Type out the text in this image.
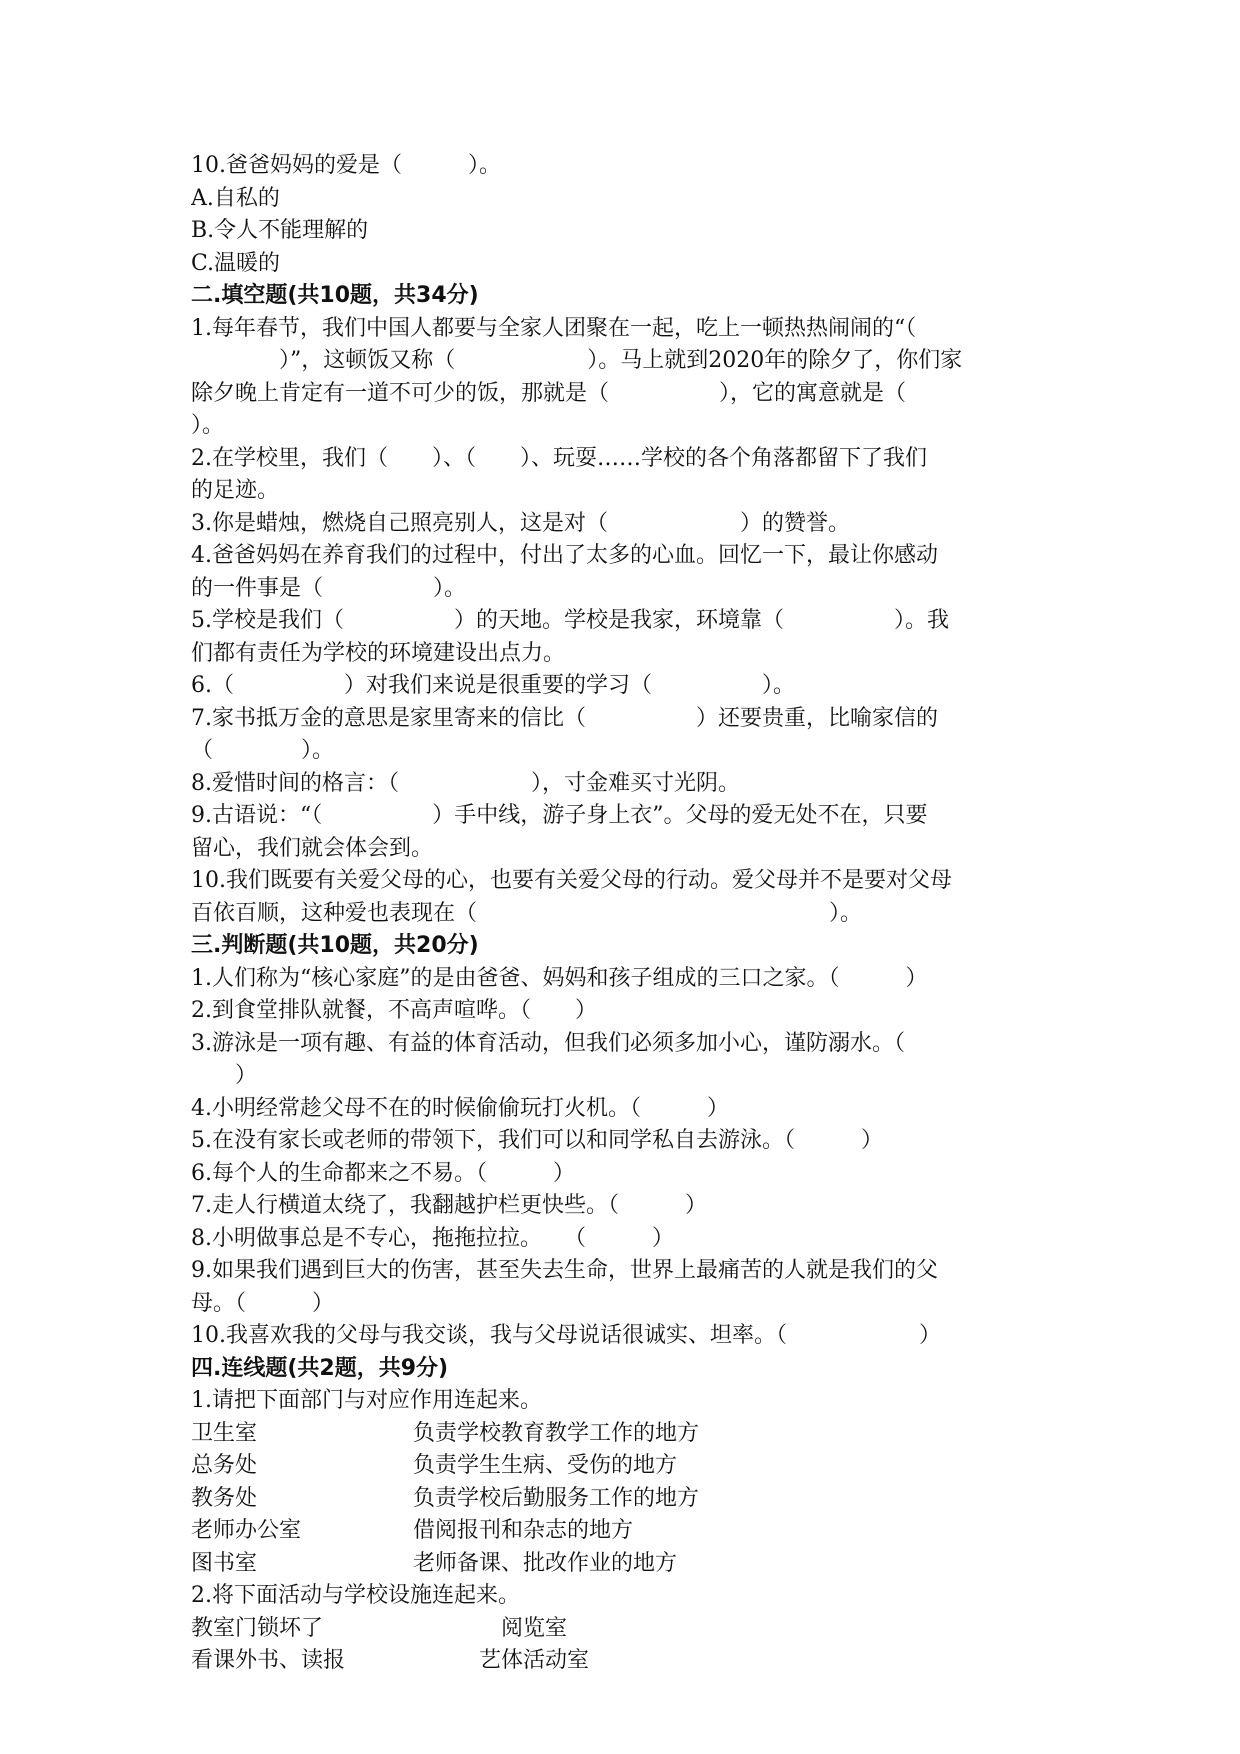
10.爸爸妈妈的爱是（　　　）。
A.自私的
B.令人不能理解的
C.温暖的
二.填空题(共10题，共34分)
1.每年春节，我们中国人都要与全家人团聚在一起，吃上一顿热热闹闹的“（
　　　　）”，这顿饭又称（　　　　　　）。马上就到2020年的除夕了，你们家
除夕晚上肯定有一道不可少的饭，那就是（　　　　　），它的寓意就是（
）。
2.在学校里，我们（　　）、（　　）、玩耍……学校的各个角落都留下了我们
的足迹。
3.你是蜡烛，燃烧自己照亮别人，这是对（　　　　　　）的赞誉。
4.爸爸妈妈在养育我们的过程中，付出了太多的心血。回忆一下，最让你感动
的一件事是（　　　　　）。
5.学校是我们（　　　　　）的天地。学校是我家，环境靠（　　　　　）。我
们都有责任为学校的环境建设出点力。
6.（　　　　　）对我们来说是很重要的学习（　　　　　）。
7.家书抵万金的意思是家里寄来的信比（　　　　　）还要贵重，比喻家信的
（　　　　）。
8.爱惜时间的格言：（　　　　　　），寸金难买寸光阴。
9.古语说：“（　　　　　）手中线，游子身上衣”。父母的爱无处不在，只要
留心，我们就会体会到。
10.我们既要有关爱父母的心，也要有关爱父母的行动。爱父母并不是要对父母
百依百顺，这种爱也表现在（　　　　　　　　　　　　　　　　）。
三.判断题(共10题，共20分)
1.人们称为“核心家庭”的是由爸爸、妈妈和孩子组成的三口之家。（　　　）
2.到食堂排队就餐，不高声喧哗。（　　）
3.游泳是一项有趣、有益的体育活动，但我们必须多加小心，谨防溺水。（
　　）
4.小明经常趁父母不在的时候偷偷玩打火机。（　　　）
5.在没有家长或老师的带领下，我们可以和同学私自去游泳。（　　　）
6.每个人的生命都来之不易。（　　　）
7.走人行横道太绕了，我翻越护栏更快些。（　　　）
8.小明做事总是不专心，拖拖拉拉。　　（　　　）
9.如果我们遇到巨大的伤害，甚至失去生命，世界上最痛苦的人就是我们的父
母。（　　　）
10.我喜欢我的父母与我交谈，我与父母说话很诚实、坦率。（　　　　　　）
四.连线题(共2题，共9分)
1.请把下面部门与对应作用连起来。
卫生室	负责学校教育教学工作的地方
总务处	负责学生生病、受伤的地方
教务处	负责学校后勤服务工作的地方
老师办公室	借阅报刊和杂志的地方
图书室	老师备课、批改作业的地方
2.将下面活动与学校设施连起来。
教室门锁坏了	阅览室
看课外书、读报	艺体活动室
